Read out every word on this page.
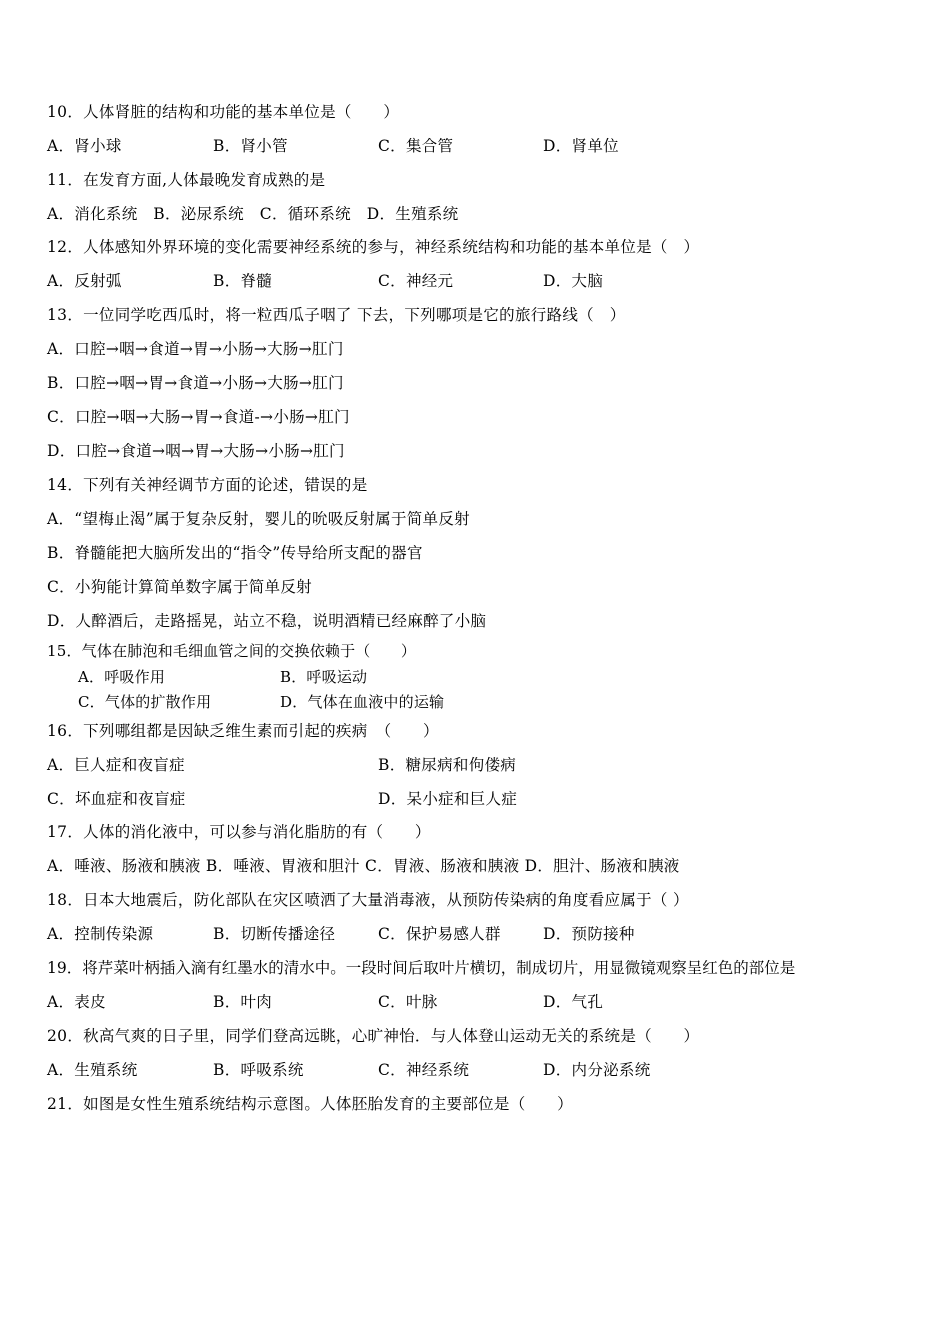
10．人体肾脏的结构和功能的基本单位是（　　）
A．肾小球	B．肾小管	C．集合管	D．肾单位
11．在发育方面,人体最晚发育成熟的是
A．消化系统　B．泌尿系统　C．循环系统　D．生殖系统
12．人体感知外界环境的变化需要神经系统的参与，神经系统结构和功能的基本单位是（　）
A．反射弧	B．脊髓	C．神经元	D．大脑
13．一位同学吃西瓜时，将一粒西瓜子咽了 下去，下列哪项是它的旅行路线（　）
A．口腔→咽→食道→胃→小肠→大肠→肛门
B．口腔→咽→胃→食道→小肠→大肠→肛门
C．口腔→咽→大肠→胃→食道-→小肠→肛门
D．口腔→食道→咽→胃→大肠→小肠→肛门
14．下列有关神经调节方面的论述，错误的是
A．“望梅止渴”属于复杂反射，婴儿的吮吸反射属于简单反射
B．脊髓能把大脑所发出的“指令”传导给所支配的器官
C．小狗能计算简单数字属于简单反射
D．人醉酒后，走路摇晃，站立不稳，说明酒精已经麻醉了小脑
15．气体在肺泡和毛细血管之间的交换依赖于（　　）
A．呼吸作用	B．呼吸运动
C．气体的扩散作用	D．气体在血液中的运输
16．下列哪组都是因缺乏维生素而引起的疾病　（　　）
A．巨人症和夜盲症	B．糖尿病和佝偻病
C．坏血症和夜盲症	D．呆小症和巨人症
17．人体的消化液中，可以参与消化脂肪的有（　　）
A．唾液、肠液和胰液 B．唾液、胃液和胆汁 C．胃液、肠液和胰液 D．胆汁、肠液和胰液
18．日本大地震后，防化部队在灾区喷洒了大量消毒液，从预防传染病的角度看应属于（ ）
A．控制传染源	B．切断传播途径	C．保护易感人群	D．预防接种
19．将芹菜叶柄插入滴有红墨水的清水中。一段时间后取叶片横切，制成切片，用显微镜观察呈红色的部位是
A．表皮	B．叶肉	C．叶脉	D．气孔
20．秋高气爽的日子里，同学们登高远眺，心旷神怡．与人体登山运动无关的系统是（　　）
A．生殖系统	B．呼吸系统	C．神经系统	D．内分泌系统
21．如图是女性生殖系统结构示意图。人体胚胎发育的主要部位是（　　）
